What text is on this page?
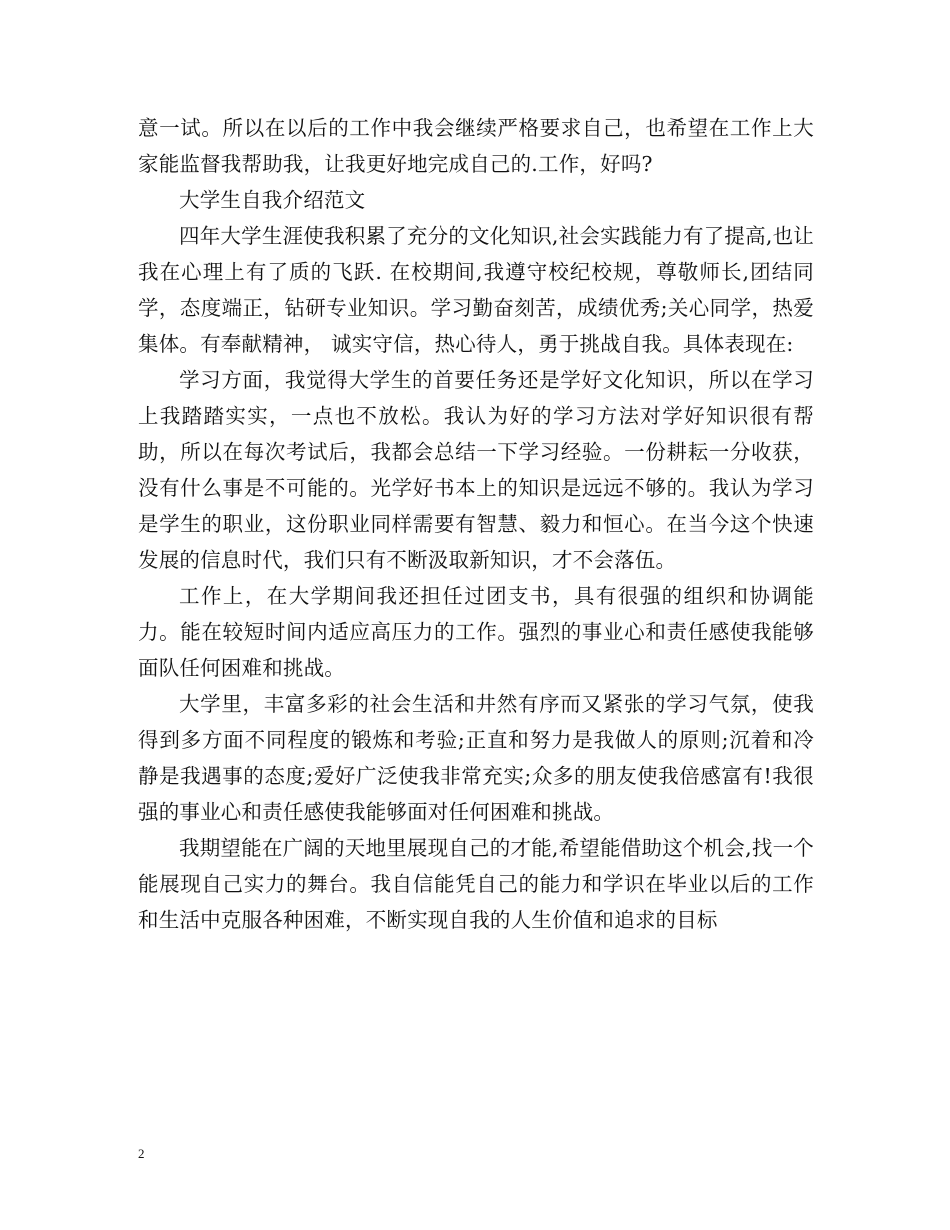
意一试。所以在以后的工作中我会继续严格要求自己，也希望在工作上大家能监督我帮助我，让我更好地完成自己的.工作，好吗?

大学生自我介绍范文

四年大学生涯使我积累了充分的文化知识,社会实践能力有了提高,也让我在心理上有了质的飞跃. 在校期间,我遵守校纪校规，尊敬师长,团结同学，态度端正，钻研专业知识。学习勤奋刻苦，成绩优秀;关心同学，热爱集体。有奉献精神， 诚实守信，热心待人，勇于挑战自我。具体表现在:

学习方面，我觉得大学生的首要任务还是学好文化知识，所以在学习上我踏踏实实，一点也不放松。我认为好的学习方法对学好知识很有帮助，所以在每次考试后，我都会总结一下学习经验。一份耕耘一分收获，没有什么事是不可能的。光学好书本上的知识是远远不够的。我认为学习是学生的职业，这份职业同样需要有智慧、毅力和恒心。在当今这个快速发展的信息时代，我们只有不断汲取新知识，才不会落伍。

工作上，在大学期间我还担任过团支书，具有很强的组织和协调能力。能在较短时间内适应高压力的工作。强烈的事业心和责任感使我能够面队任何困难和挑战。

大学里，丰富多彩的社会生活和井然有序而又紧张的学习气氛，使我得到多方面不同程度的锻炼和考验;正直和努力是我做人的原则;沉着和冷静是我遇事的态度;爱好广泛使我非常充实;众多的朋友使我倍感富有!我很强的事业心和责任感使我能够面对任何困难和挑战。

我期望能在广阔的天地里展现自己的才能,希望能借助这个机会,找一个能展现自己实力的舞台。我自信能凭自己的能力和学识在毕业以后的工作和生活中克服各种困难，不断实现自我的人生价值和追求的目标

2
